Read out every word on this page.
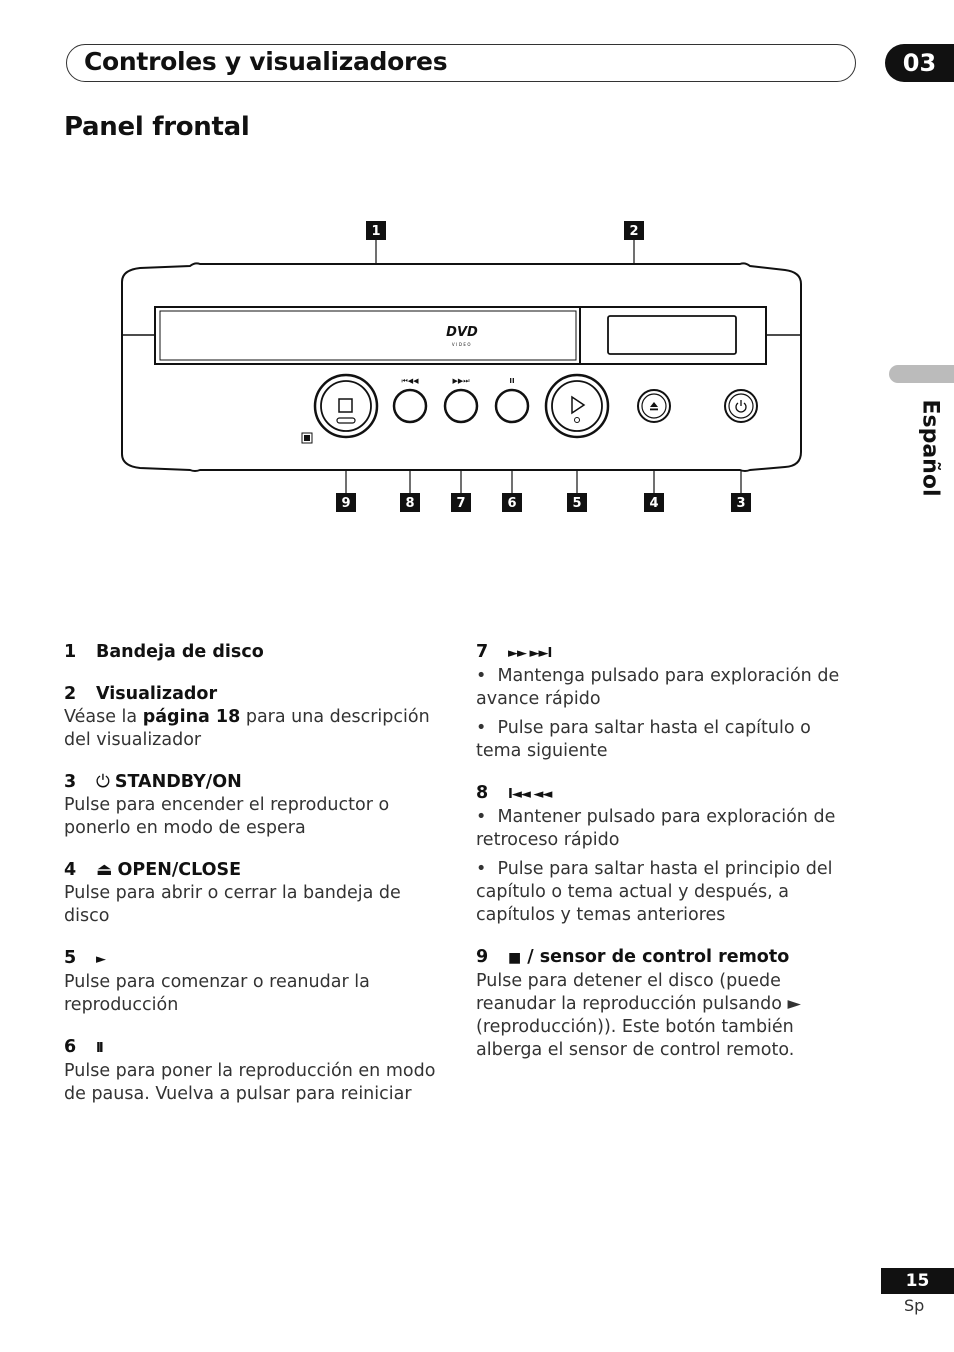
Controles y visualizadores	03
Panel frontal
Español
DVD
VIDEO
⏮◀◀	▶▶⏭	II
1	2
9	8	7	6	5	4	3
1 Bandeja de disco
2 Visualizador
Véase la página 18 para una descripción del visualizador
3 ⏻ STANDBY/ON
Pulse para encender el reproductor o ponerlo en modo de espera
4 ⏏ OPEN/CLOSE
Pulse para abrir o cerrar la bandeja de disco
5 ►
Pulse para comenzar o reanudar la reproducción
6 II
Pulse para poner la reproducción en modo de pausa. Vuelva a pulsar para reiniciar
7 ►► ►►I
•  Mantenga pulsado para exploración de avance rápido
•  Pulse para saltar hasta el capítulo o tema siguiente
8 I◄◄ ◄◄
•  Mantener pulsado para exploración de retroceso rápido
•  Pulse para saltar hasta el principio del capítulo o tema actual y después, a capítulos y temas anteriores
9 ■ / sensor de control remoto
Pulse para detener el disco (puede reanudar la reproducción pulsando ► (reproducción)). Este botón también alberga el sensor de control remoto.
15
Sp
